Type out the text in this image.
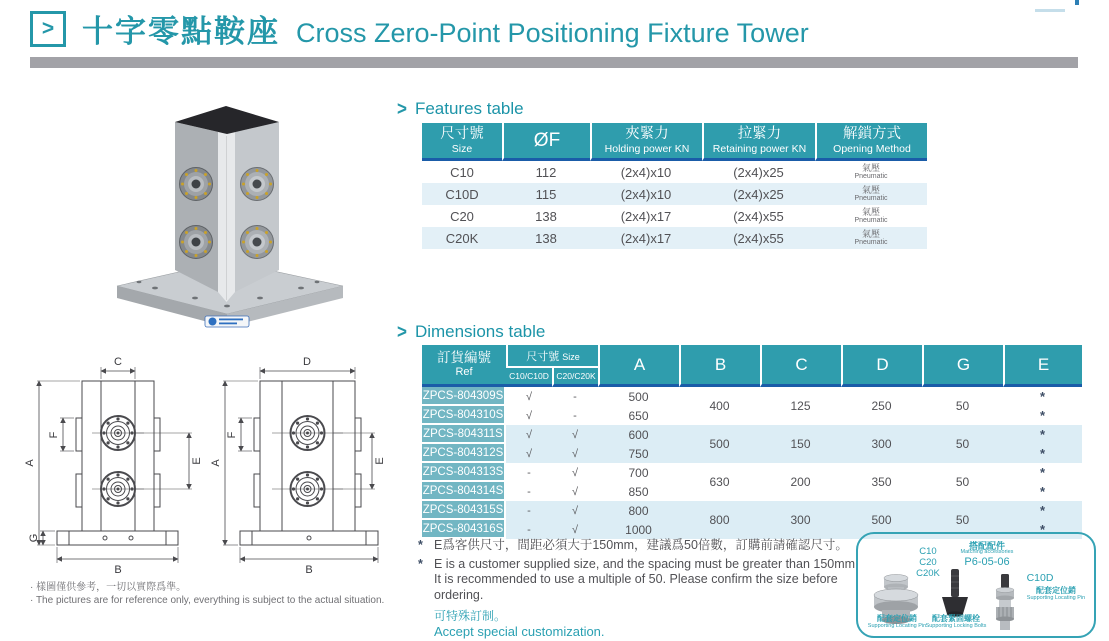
> 十字零點鞍座 Cross Zero-Point Positioning Fixture Tower
> Features table
尺寸號
Size	ØF	夾緊力
Holding power KN

拉緊力
Retaining power KN

解鎖方式
Opening Method

C10	112	(2x4)x10	(2x4)x25	氣壓
Pneumatic

C10D	115	(2x4)x10	(2x4)x25	氣壓
Pneumatic

C20	138	(2x4)x17	(2x4)x55	氣壓
Pneumatic

C20K	138	(2x4)x17	(2x4)x55	氣壓
Pneumatic
> Dimensions table
訂貨編號
Ref	尺寸號 Size		A	B	C	D	G	E
	C10/C10D	C20/C20K						
ZPCS-804309S	√	-	500	400	125	250	50	*
ZPCS-804310S	√	-	650					*
ZPCS-804311S	√	√	600	500	150	300	50	*
ZPCS-804312S	√	√	750					*
ZPCS-804313S	-	√	700	630	200	350	50	*
ZPCS-804314S	-	√	850					*
ZPCS-804315S	-	√	800	800	300	500	50	*
ZPCS-804316S	-	√	1000					*
C
A
F
E
G
B
D
A
F
E
B
· 樣圖僅供參考，一切以實際爲準。
· The pictures are for reference only, everything is subject to the actual situation.
* E爲客供尺寸，間距必須大于150mm，建議爲50倍數，訂購前請確認尺寸。
* E is a customer supplied size, and the spacing must be greater than 150mm. It is recommended to use a multiple of 50. Please confirm the size before ordering.
可特殊訂制。
Accept special customization.
搭配配件
Matching accessories
P6-05-06
C10
C20
C20K	C10D
配套定位銷
Supporting Locating Pin
配套緊固螺栓
Supporting Locking Bolts
配套定位銷
Supporting Locating Pin
